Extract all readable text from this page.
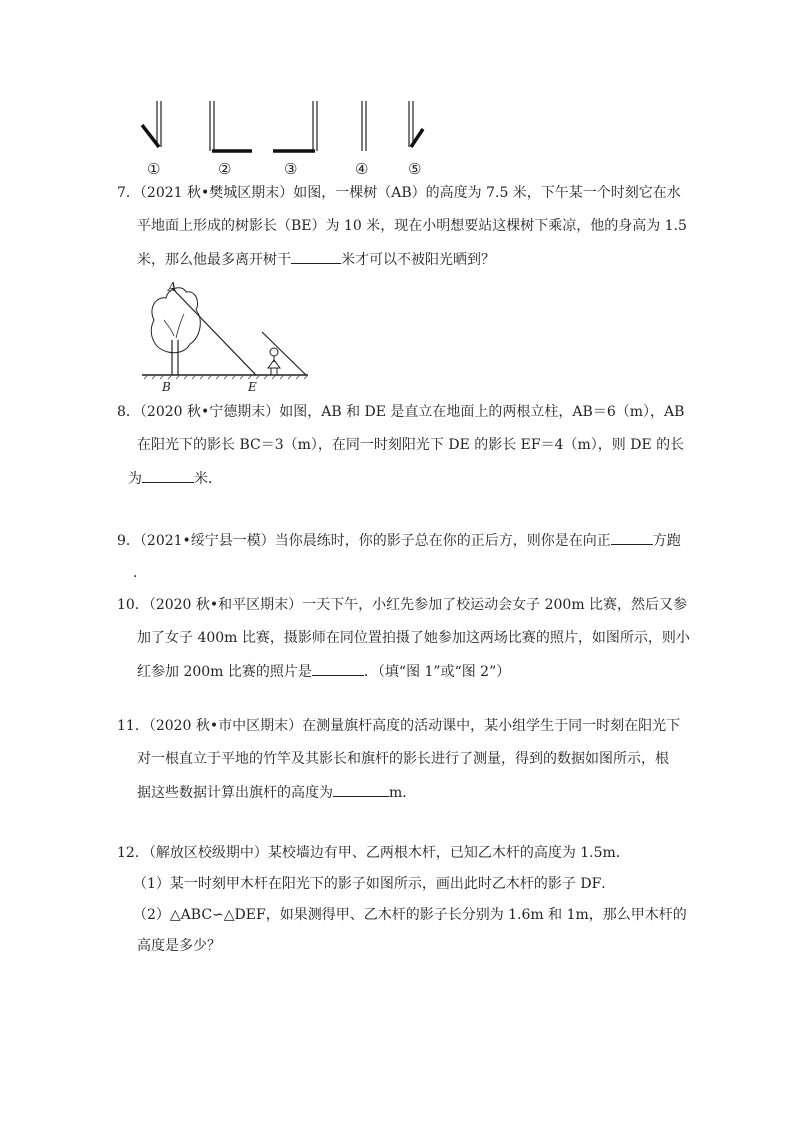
①	②	③	④	⑤
7．（2021 秋•樊城区期末）如图，一棵树（AB）的高度为 7.5 米，下午某一个时刻它在水
平地面上形成的树影长（BE）为 10 米，现在小明想要站这棵树下乘凉，他的身高为 1.5
米，那么他最多离开树干	米才可以不被阳光晒到？
A
B	E
8．（2020 秋•宁德期末）如图，AB 和 DE 是直立在地面上的两根立柱，AB＝6（m），AB
在阳光下的影长 BC＝3（m），在同一时刻阳光下 DE 的影长 EF＝4（m），则 DE 的长
为	米．
9．（2021•绥宁县一模）当你晨练时，你的影子总在你的正后方，则你是在向正	方跑
．
10．（2020 秋•和平区期末）一天下午，小红先参加了校运动会女子 200m 比赛，然后又参
加了女子 400m 比赛，摄影师在同位置拍摄了她参加这两场比赛的照片，如图所示，则小
红参加 200m 比赛的照片是	．（填“图 1”或“图 2”）
11．（2020 秋•市中区期末）在测量旗杆高度的活动课中，某小组学生于同一时刻在阳光下
对一根直立于平地的竹竿及其影长和旗杆的影长进行了测量，得到的数据如图所示，根
据这些数据计算出旗杆的高度为	m．
12．（解放区校级期中）某校墙边有甲、乙两根木杆，已知乙木杆的高度为 1.5m．
（1）某一时刻甲木杆在阳光下的影子如图所示，画出此时乙木杆的影子 DF．
（2）△ABC∽△DEF，如果测得甲、乙木杆的影子长分别为 1.6m 和 1m，那么甲木杆的
高度是多少？
